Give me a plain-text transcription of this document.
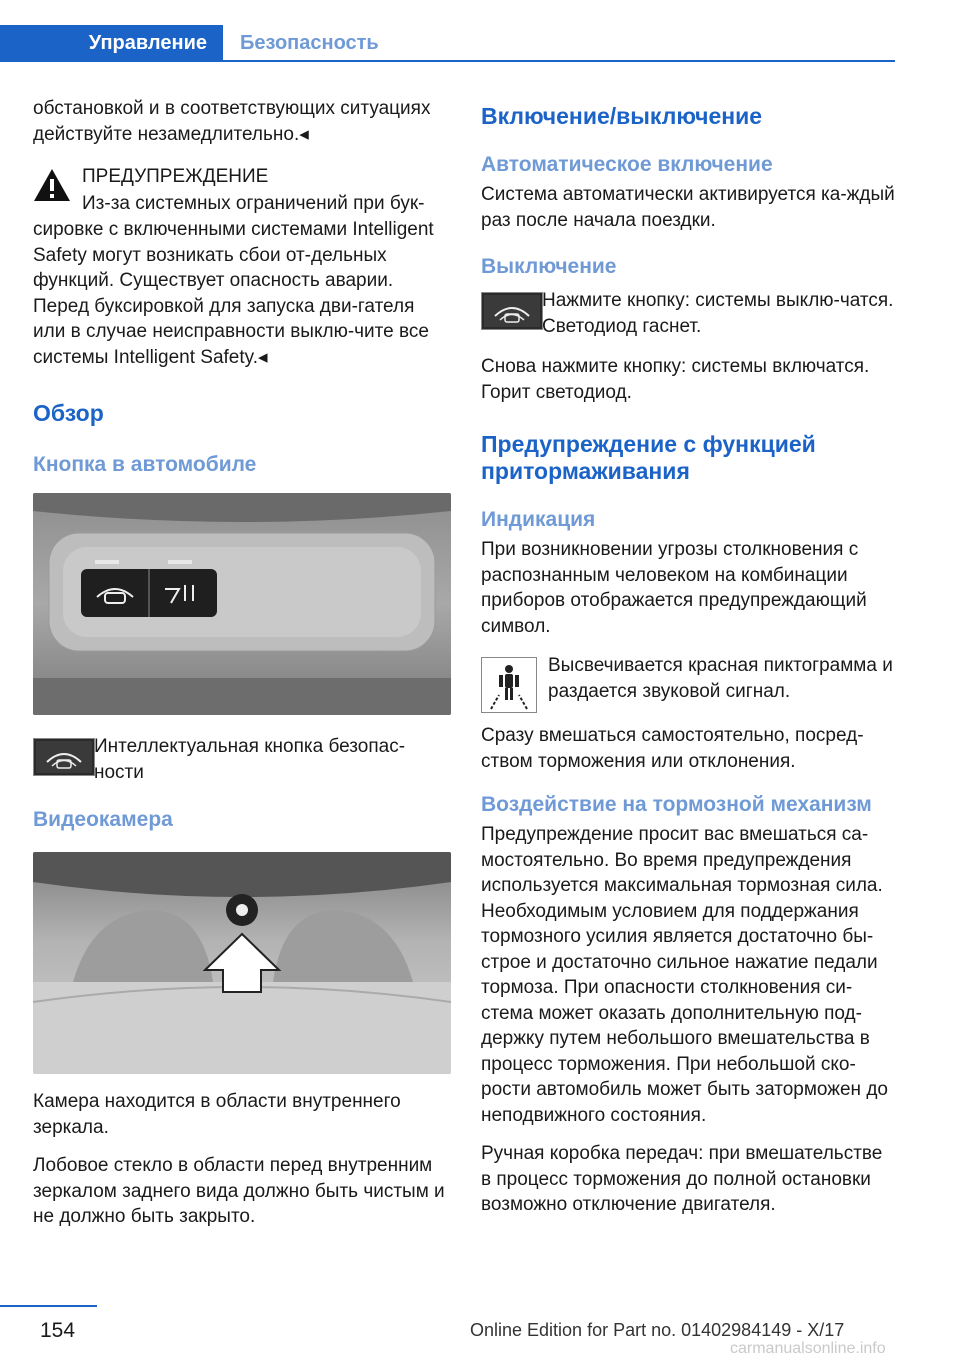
Управление Безопасность

обстановкой и в соответствующих ситуациях действуйте незамедлительно.◂

ПРЕДУПРЕЖДЕНИЕ
Из-за системных ограничений при бук-

сировке с включенными системами Intelligent Safety могут возникать сбои от-дельных функций. Существует опасность аварии. Перед буксировкой для запуска дви-гателя или в случае неисправности выклю-чите все системы Intelligent Safety.◂

Обзор
Кнопка в автомобиле

Интеллектуальная кнопка безопас-ности

Видеокамера

Камера находится в области внутреннего зеркала.

Лобовое стекло в области перед внутренним зеркалом заднего вида должно быть чистым и не должно быть закрыто.

Включение/выключение
Автоматическое включение

Система автоматически активируется ка-ждый раз после начала поездки.

Выключение

Нажмите кнопку: системы выклю-чатся. Светодиод гаснет.

Снова нажмите кнопку: системы включатся. Горит светодиод.

Предупреждение с функцией притормаживания
Индикация

При возникновении угрозы столкновения с распознанным человеком на комбинации приборов отображается предупреждающий символ.

Высвечивается красная пиктограмма и раздается звуковой сигнал.

Сразу вмешаться самостоятельно, посред-ством торможения или отклонения.

Воздействие на тормозной механизм

Предупреждение просит вас вмешаться са-мостоятельно. Во время предупреждения используется максимальная тормозная сила. Необходимым условием для поддержания тормозного усилия является достаточно бы-строе и достаточно сильное нажатие педали тормоза. При опасности столкновения си-стема может оказать дополнительную под-держку путем небольшого вмешательства в процесс торможения. При небольшой ско-рости автомобиль может быть заторможен до неподвижного состояния.

Ручная коробка передач: при вмешательстве в процесс торможения до полной остановки возможно отключение двигателя.

154	Online Edition for Part no. 01402984149 - X/17
carmanualsonline.info
